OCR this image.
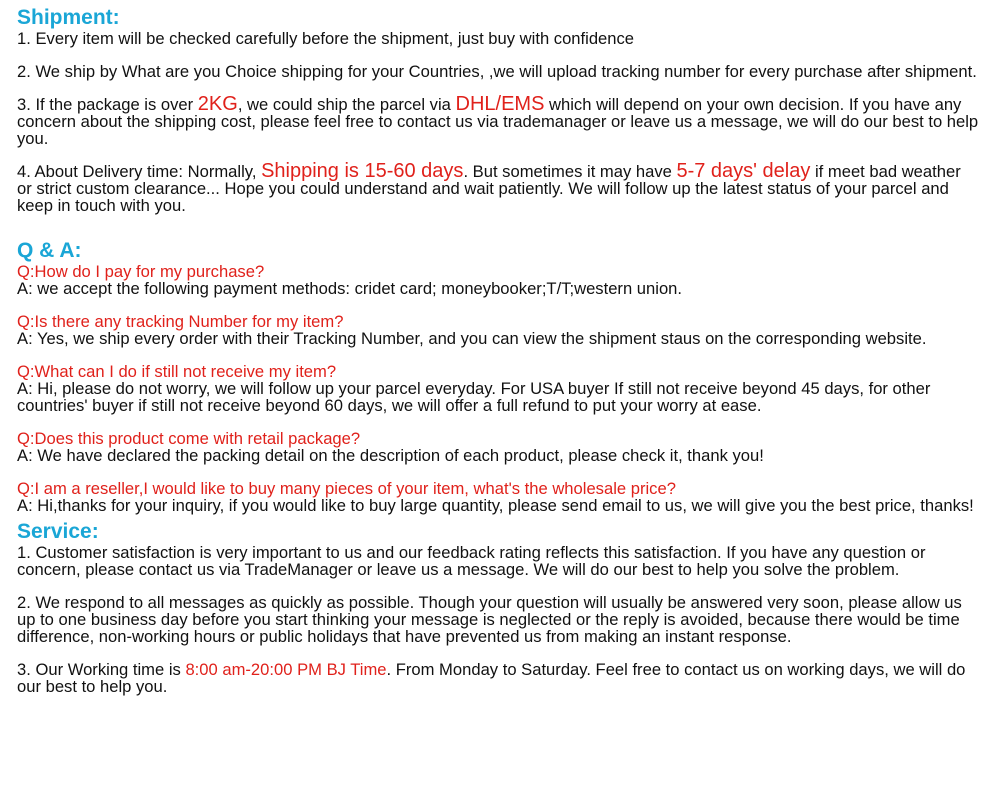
Shipment:

1. Every item will be checked carefully before the shipment, just buy with confidence

2. We ship by What are you Choice shipping for your Countries, ,we will upload tracking number for every purchase after shipment.

3. If the package is over 2KG, we could ship the parcel via DHL/EMS which will depend on your own decision. If you have any concern about the shipping cost, please feel free to contact us via trademanager or leave us a message, we will do our best to help you.

4. About Delivery time: Normally, Shipping is 15-60 days. But sometimes it may have 5-7 days' delay if meet bad weather or strict custom clearance... Hope you could understand and wait patiently. We will follow up the latest status of your parcel and keep in touch with you.

Q & A:

Q:How do I pay for my purchase?

A: we accept the following payment methods: cridet card; moneybooker;T/T;western union.

Q:Is there any tracking Number for my item?

A: Yes, we ship every order with their Tracking Number, and you can view the shipment staus on the corresponding website.

Q:What can I do if still not receive my item?

A: Hi, please do not worry, we will follow up your parcel everyday. For USA buyer If still not receive beyond 45 days, for other countries' buyer if still not receive beyond 60 days, we will offer a full refund to put your worry at ease.

Q:Does this product come with retail package?

A: We have declared the packing detail on the description of each product, please check it, thank you!

Q:I am a reseller,I would like to buy many pieces of your item, what's the wholesale price?

A: Hi,thanks for your inquiry, if you would like to buy large quantity, please send email to us, we will give you the best price, thanks!

Service:

1. Customer satisfaction is very important to us and our feedback rating reflects this satisfaction. If you have any question or concern, please contact us via TradeManager or leave us a message. We will do our best to help you solve the problem.

2. We respond to all messages as quickly as possible. Though your question will usually be answered very soon, please allow us up to one business day before you start thinking your message is neglected or the reply is avoided, because there would be time difference, non-working hours or public holidays that have prevented us from making an instant response.

3. Our Working time is 8:00 am-20:00 PM BJ Time. From Monday to Saturday. Feel free to contact us on working days, we will do our best to help you.
